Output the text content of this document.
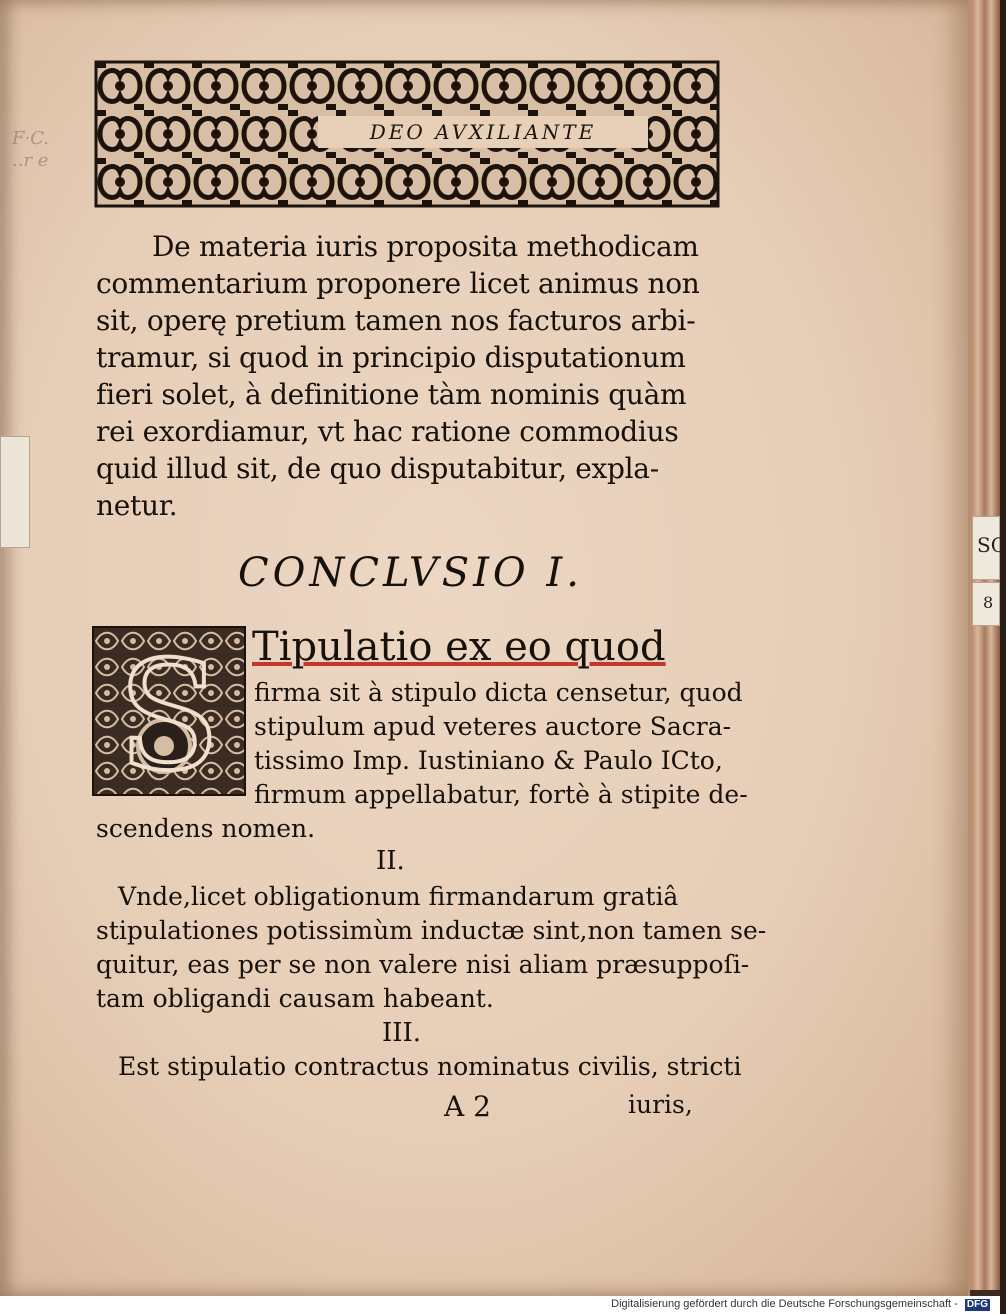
F·C.
..r e
DEO AVXILIANTE
De materia iuris proposita methodicam
commentarium proponere licet animus non
sit, operę pretium tamen nos facturos arbi-
tramur, si quod in principio disputationum
fieri solet, à definitione tàm nominis quàm
rei exordiamur, vt hac ratione commodius
quid illud sit, de quo disputabitur, expla-
netur.
CONCLVSIO I.
S Tipulatio ex eo quod
firma sit à stipulo dicta censetur, quod
stipulum apud veteres auctore Sacra-
tissimo Imp. Iustiniano & Paulo ICto,
firmum appellabatur, fortè à stipite de-
scendens nomen.
II.
Vnde,licet obligationum firmandarum gratiâ
stipulationes potissimùm inductæ sint,non tamen se-
quitur, eas per se non valere nisi aliam præsuppoſi-
tam obligandi causam habeant.
III.
Est stipulatio contractus nominatus civilis, stricti
A 2	iuris,
SC
8
Digitalisierung gefördert durch die Deutsche Forschungsgemeinschaft - DFG
